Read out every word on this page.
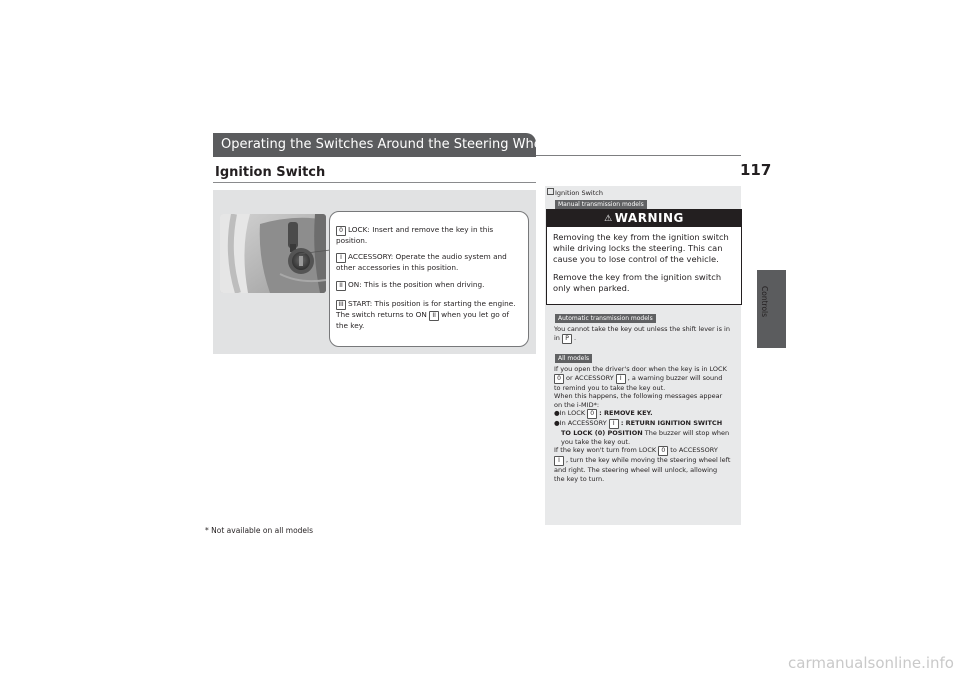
Operating the Switches Around the Steering Wheel
Ignition Switch
0 LOCK: Insert and remove the key in this position.
I ACCESSORY: Operate the audio system and other accessories in this position.
II ON: This is the position when driving.
III START: This position is for starting the engine. The switch returns to ON II when you let go of the key.
Ignition Switch
Manual transmission models
⚠ WARNING

Removing the key from the ignition switch while driving locks the steering. This can cause you to lose control of the vehicle.

Remove the key from the ignition switch only when parked.

Automatic transmission models
You cannot take the key out unless the shift lever is in
in P .
All models
If you open the driver's door when the key is in LOCK
0 or ACCESSORY I , a warning buzzer will sound
to remind you to take the key out.
When this happens, the following messages appear
on the i-MID*:
●In LOCK 0 : REMOVE KEY.
●In ACCESSORY I : RETURN IGNITION SWITCH
TO LOCK (0) POSITION The buzzer will stop when
you take the key out.
If the key won't turn from LOCK 0 to ACCESSORY
I , turn the key while moving the steering wheel left
and right. The steering wheel will unlock, allowing
the key to turn.
117
Controls
* Not available on all models
carmanualsonline.info
